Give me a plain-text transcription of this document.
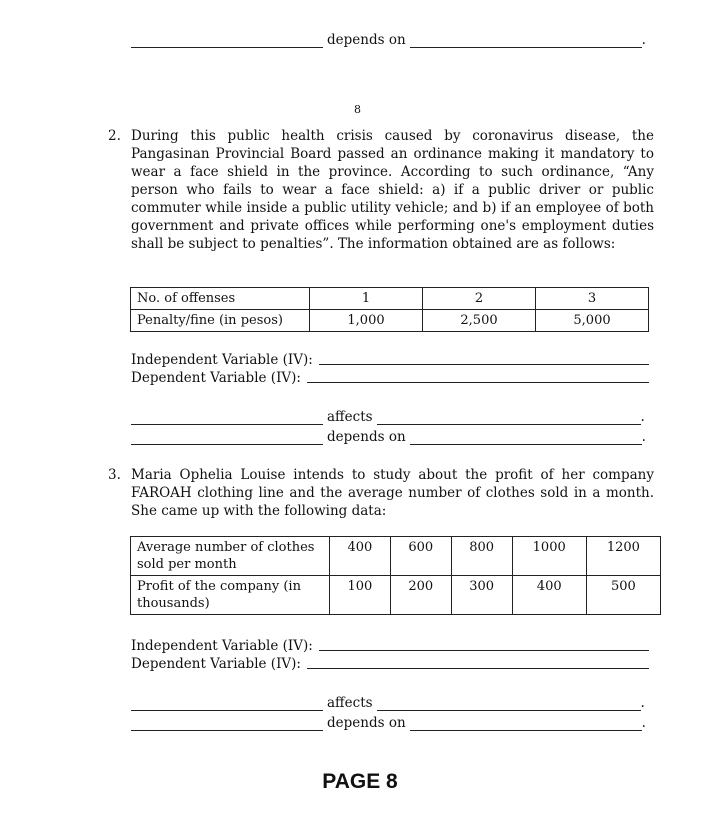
depends on	.
8
2. During this public health crisis caused by coronavirus disease, the Pangasinan Provincial Board passed an ordinance making it mandatory to wear a face shield in the province. According to such ordinance, “Any person who fails to wear a face shield: a) if a public driver or public commuter while inside a public utility vehicle; and b) if an employee of both government and private offices while performing one's employment duties shall be subject to penalties”. The information obtained are as follows:
No. of offenses	1	2	3
Penalty/fine (in pesos)	1,000	2,500	5,000
Independent Variable (IV):
Dependent Variable (IV):
affects	.
depends on	.
3. Maria Ophelia Louise intends to study about the profit of her company FAROAH clothing line and the average number of clothes sold in a month. She came up with the following data:
Average number of clothes sold per month	400	600	800	1000	1200
Profit of the company (in thousands)	100	200	300	400	500
Independent Variable (IV):
Dependent Variable (IV):
affects	.
depends on	.
PAGE 8
